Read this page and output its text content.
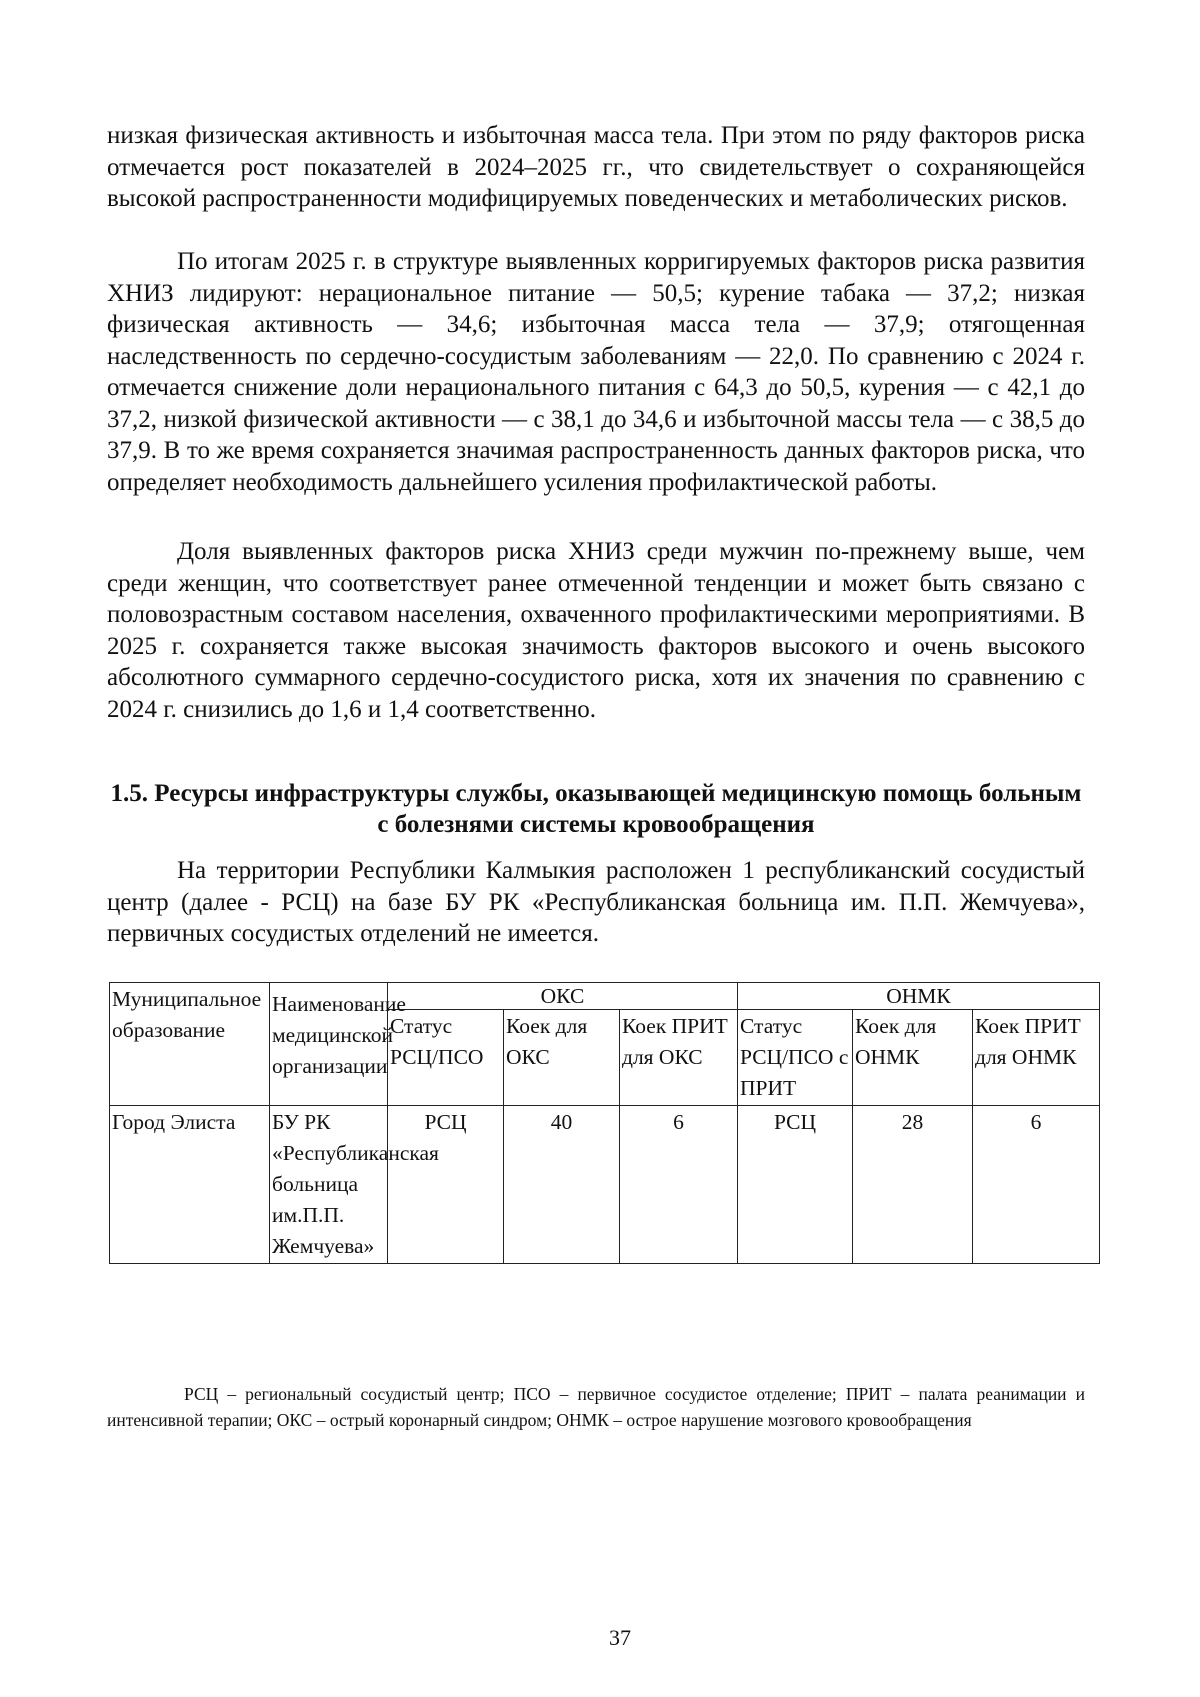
низкая физическая активность и избыточная масса тела. При этом по ряду факторов риска отмечается рост показателей в 2024–2025 гг., что свидетельствует о сохраняющейся высокой распространенности модифицируемых поведенческих и метаболических рисков.

По итогам 2025 г. в структуре выявленных корригируемых факторов риска развития ХНИЗ лидируют: нерациональное питание — 50,5; курение табака — 37,2; низкая физическая активность — 34,6; избыточная масса тела — 37,9; отягощенная наследственность по сердечно-сосудистым заболеваниям — 22,0. По сравнению с 2024 г. отмечается снижение доли нерационального питания с 64,3 до 50,5, курения — с 42,1 до 37,2, низкой физической активности — с 38,1 до 34,6 и избыточной массы тела — с 38,5 до 37,9. В то же время сохраняется значимая распространенность данных факторов риска, что определяет необходимость дальнейшего усиления профилактической работы.

Доля выявленных факторов риска ХНИЗ среди мужчин по-прежнему выше, чем среди женщин, что соответствует ранее отмеченной тенденции и может быть связано с половозрастным составом населения, охваченного профилактическими мероприятиями. В 2025 г. сохраняется также высокая значимость факторов высокого и очень высокого абсолютного суммарного сердечно-сосудистого риска, хотя их значения по сравнению с 2024 г. снизились до 1,6 и 1,4 соответственно.

1.5. Ресурсы инфраструктуры службы, оказывающей медицинскую помощь больным с болезнями системы кровообращения

На территории Республики Калмыкия расположен 1 республиканский сосудистый центр (далее - РСЦ) на базе БУ РК «Республиканская больница им. П.П. Жемчуева», первичных сосудистых отделений не имеется.

Муниципальное образование	Наименование медицинской организации	ОКС			ОНМК		
		Статус РСЦ/ПСО	Коек для ОКС	Коек ПРИТ для ОКС	Статус РСЦ/ПСО с ПРИТ	Коек для ОНМК	Коек ПРИТ для ОНМК
Город Элиста	БУ РК «Республиканская больница им.П.П. Жемчуева»	РСЦ	40	6	РСЦ	28	6

РСЦ – региональный сосудистый центр; ПСО – первичное сосудистое отделение; ПРИТ – палата реанимации и интенсивной терапии; ОКС – острый коронарный синдром; ОНМК – острое нарушение мозгового кровообращения

37
